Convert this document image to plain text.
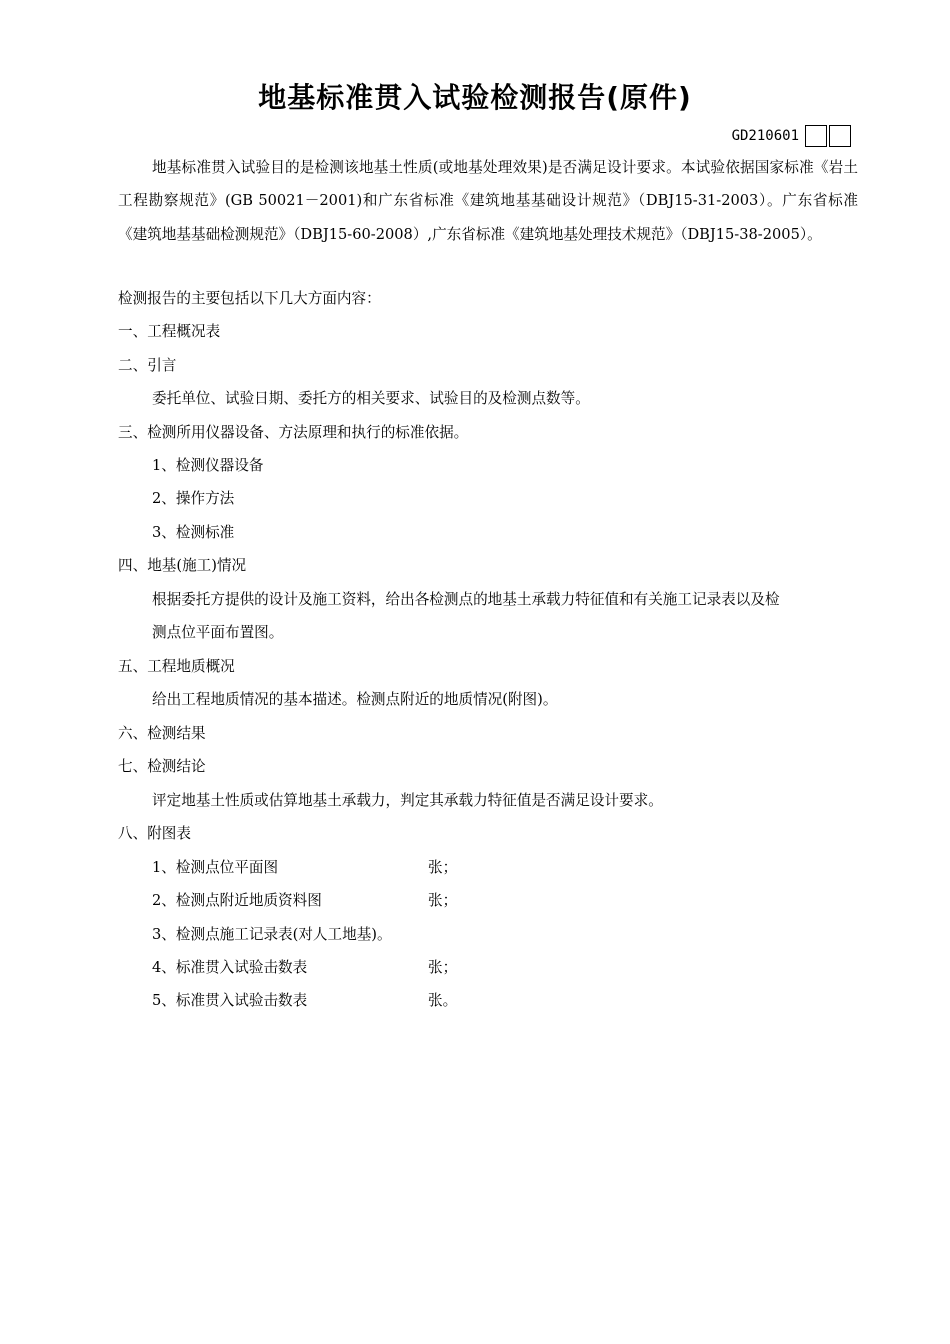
地基标准贯入试验检测报告(原件)
GD210601

地基标准贯入试验目的是检测该地基土性质(或地基处理效果)是否满足设计要求。本试验依据国家标准《岩土工程勘察规范》(GB 50021－2001)和广东省标准《建筑地基基础设计规范》（DBJ15-31-2003）。广东省标准《建筑地基基础检测规范》（DBJ15-60-2008）,广东省标准《建筑地基处理技术规范》（DBJ15-38-2005）。

检测报告的主要包括以下几大方面内容：
一、工程概况表
二、引言
委托单位、试验日期、委托方的相关要求、试验目的及检测点数等。
三、检测所用仪器设备、方法原理和执行的标准依据。
1、检测仪器设备
2、操作方法
3、检测标准
四、地基(施工)情况
根据委托方提供的设计及施工资料，给出各检测点的地基土承载力特征值和有关施工记录表以及检
测点位平面布置图。
五、工程地质概况
给出工程地质情况的基本描述。检测点附近的地质情况(附图)。
六、检测结果
七、检测结论
评定地基土性质或估算地基土承载力，判定其承载力特征值是否满足设计要求。
八、附图表
1、检测点位平面图	张；
2、检测点附近地质资料图	张；
3、检测点施工记录表(对人工地基)。
4、标准贯入试验击数表	张；
5、标准贯入试验击数表	张。
